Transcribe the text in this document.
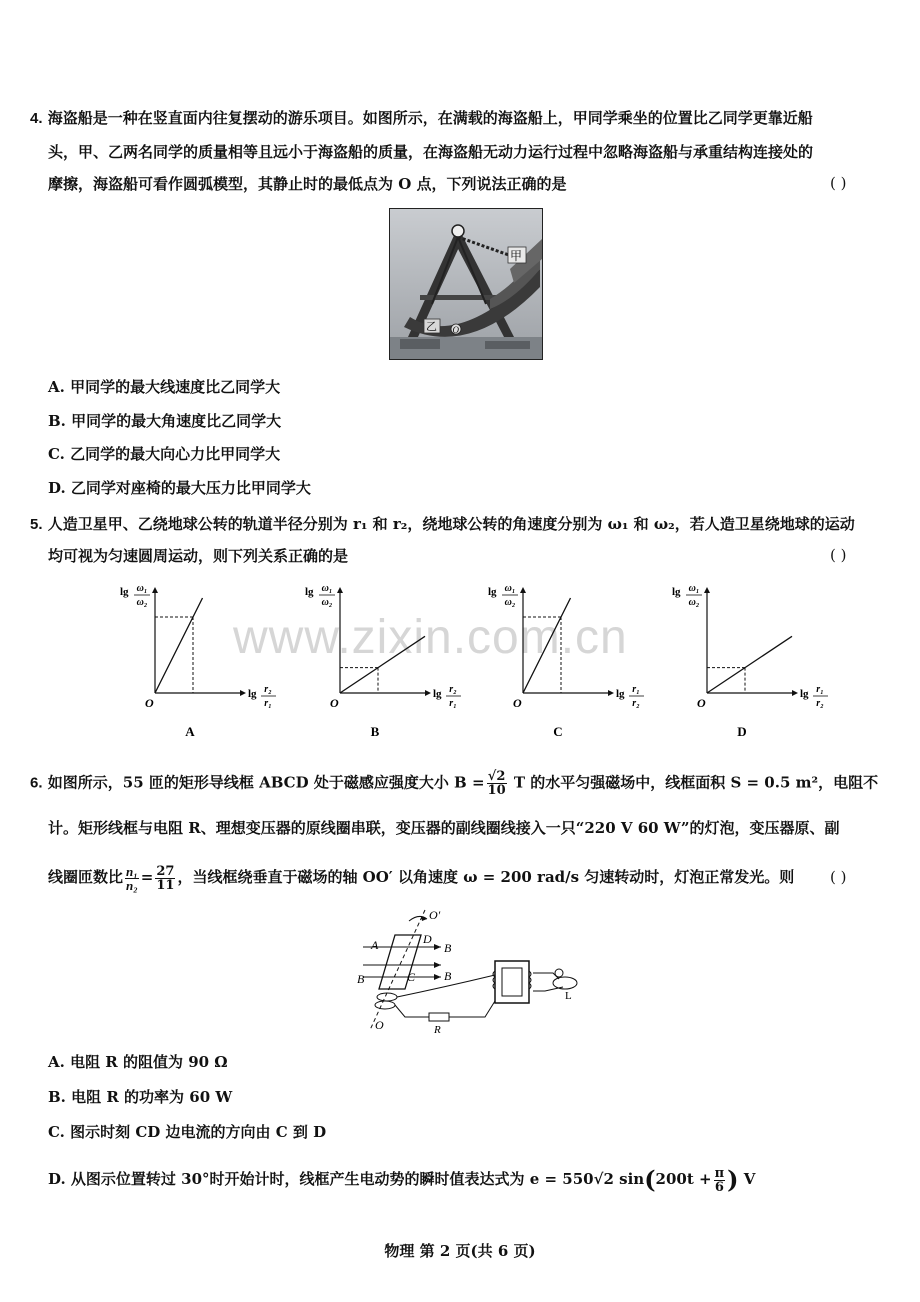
www.zixin.com.cn
4. 海盗船是一种在竖直面内往复摆动的游乐项目。如图所示，在满载的海盗船上，甲同学乘坐的位置比乙同学更靠近船
头，甲、乙两名同学的质量相等且远小于海盗船的质量，在海盗船无动力运行过程中忽略海盗船与承重结构连接处的
摩擦，海盗船可看作圆弧模型，其静止时的最低点为 O 点，下列说法正确的是	( )
甲
乙 O
A. 甲同学的最大线速度比乙同学大
B. 甲同学的最大角速度比乙同学大
C. 乙同学的最大向心力比甲同学大
D. 乙同学对座椅的最大压力比甲同学大
5. 人造卫星甲、乙绕地球公转的轨道半径分别为 r₁ 和 r₂，绕地球公转的角速度分别为 ω₁ 和 ω₂，若人造卫星绕地球的运动
均可视为匀速圆周运动，则下列关系正确的是	( )
O
lg ω₁
ω₂
lg r₂
r₁
A
O
lg ω₁
ω₂
lg r₂
r₁
B
O
lg ω₁
ω₂
lg r₁
r₂
C
O
lg ω₁
ω₂
lg r₁
r₂
D
6. 如图所示，55 匝的矩形导线框 ABCD 处于磁感应强度大小 $B = \frac{√2}{10}$ T 的水平匀强磁场中，线框面积 S = 0.5 m²，电阻不
计。矩形线框与电阻 R、理想变压器的原线圈串联，变压器的副线圈线接入一只“220 V 60 W”的灯泡，变压器原、副
线圈匝数比 $\frac{\text{n₁}}{\text{n₂}} = \frac{27}{11}$ ，当线框绕垂直于磁场的轴 OO′ 以角速度 ω = 200 rad/s 匀速转动时，灯泡正常发光。则 ( )
O′
B
B
A	D
C
B
O	R
L
A. 电阻 R 的阻值为 90 Ω
B. 电阻 R 的功率为 60 W
C. 图示时刻 CD 边电流的方向由 C 到 D
D. 从图示位置转过 30°时开始计时，线框产生电动势的瞬时值表达式为 e = 550√2 $\sin(200t + \frac{\pi}{6}$ ) V
物理 第 2 页(共 6 页)
